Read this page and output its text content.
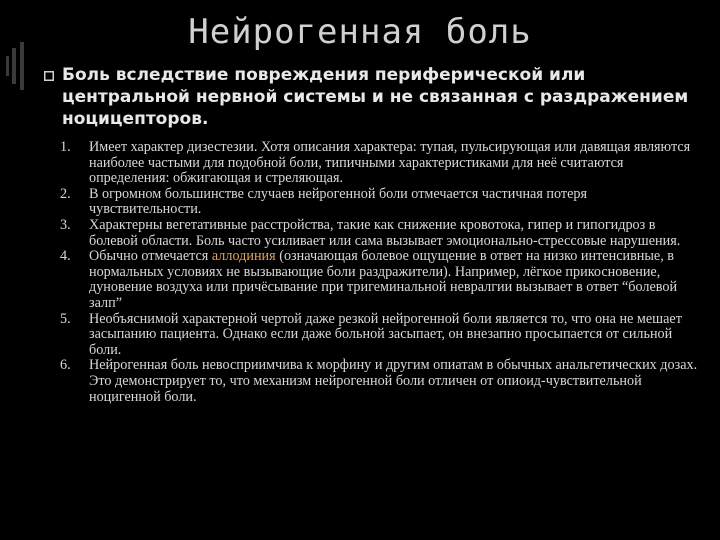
Нейрогенная боль

Боль вследствие повреждения периферической или центральной нервной системы и не связанная с раздражением ноцицепторов.

1.	Имеет характер дизестезии. Хотя описания характера: тупая, пульсирующая или давящая являются наиболее частыми для подобной боли, типичными характеристиками для неё считаются определения: обжигающая и стреляющая.
2.	В огромном большинстве случаев нейрогенной боли отмечается частичная потеря чувствительности.
3.	Характерны вегетативные расстройства, такие как снижение кровотока, гипер и гипогидроз в болевой области. Боль часто усиливает или сама вызывает эмоционально-стрессовые нарушения.
4.	Обычно отмечается аллодиния (означающая болевое ощущение в ответ на низко интенсивные, в нормальных условиях не вызывающие боли раздражители). Например, лёгкое прикосновение, дуновение воздуха или причёсывание при тригеминальной невралгии вызывает в ответ “болевой залп”
5.	Необъяснимой характерной чертой даже резкой нейрогенной боли является то, что она не мешает засыпанию пациента. Однако если даже больной засыпает, он внезапно просыпается от сильной боли.
6.	Нейрогенная боль невосприимчива к морфину и другим опиатам в обычных анальгетических дозах. Это демонстрирует то, что механизм нейрогенной боли отличен от опиоид-чувствительной ноцигенной боли.
